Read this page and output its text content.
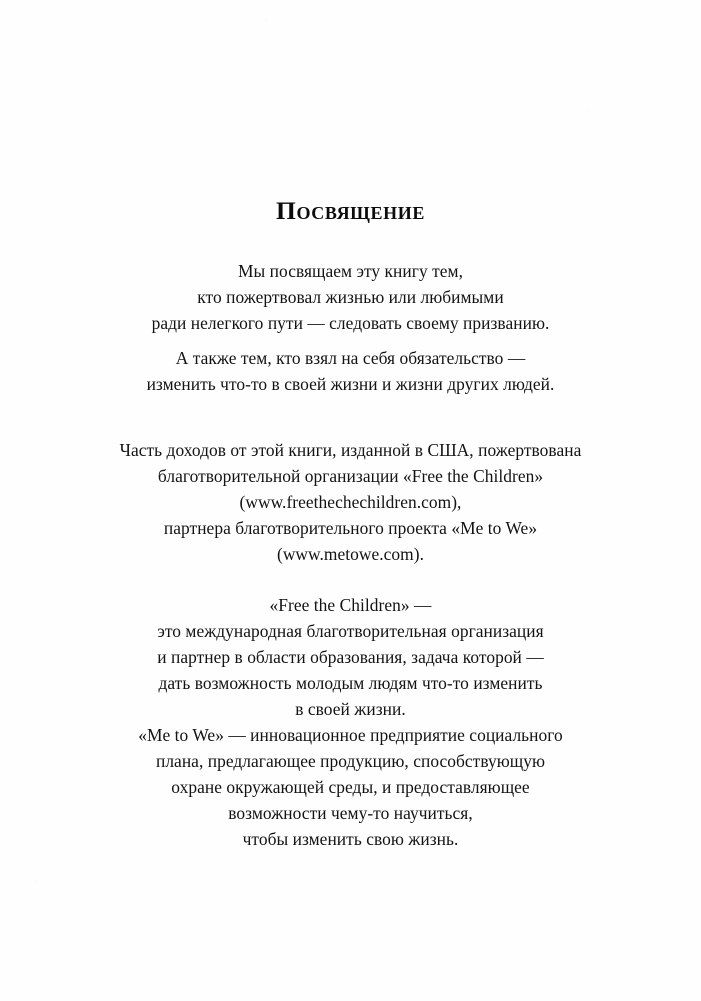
Посвящение
Мы посвящаем эту книгу тем,
кто пожертвовал жизнью или любимыми
ради нелегкого пути — следовать своему призванию.
А также тем, кто взял на себя обязательство —
изменить что-то в своей жизни и жизни других людей.
Часть доходов от этой книги, изданной в США, пожертвована
благотворительной организации «Free the Children»
(www.freethechechildren.com),
партнера благотворительного проекта «Me to We»
(www.metowe.com).
«Free the Children» —
это международная благотворительная организация
и партнер в области образования, задача которой —
дать возможность молодым людям что-то изменить
в своей жизни.
«Me to We» — инновационное предприятие социального
плана, предлагающее продукцию, способствующую
охране окружающей среды, и предоставляющее
возможности чему-то научиться,
чтобы изменить свою жизнь.
